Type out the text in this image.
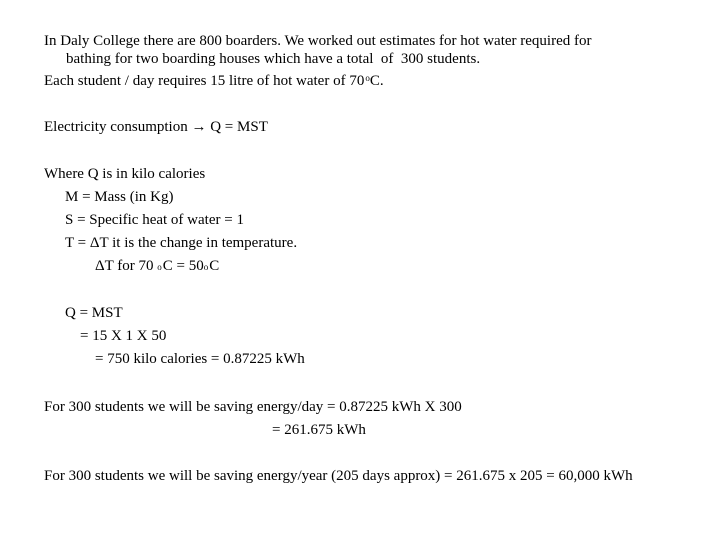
In Daly College there are 800 boarders. We worked out estimates for hot water required for
bathing for two boarding houses which have a total  of  300 students.
Each student / day requires 15 litre of hot water of 70$^o$C.
Electricity consumption → Q = MST
Where Q is in kilo calories
M = Mass (in Kg)
S = Specific heat of water = 1
T = ΔT it is the change in temperature.
ΔT for 70 oC = 50oC
Q = MST
= 15 X 1 X 50
= 750 kilo calories = 0.87225 kWh
For 300 students we will be saving energy/day = 0.87225 kWh X 300
= 261.675 kWh
For 300 students we will be saving energy/year (205 days approx) = 261.675 x 205 = 60,000 kWh
